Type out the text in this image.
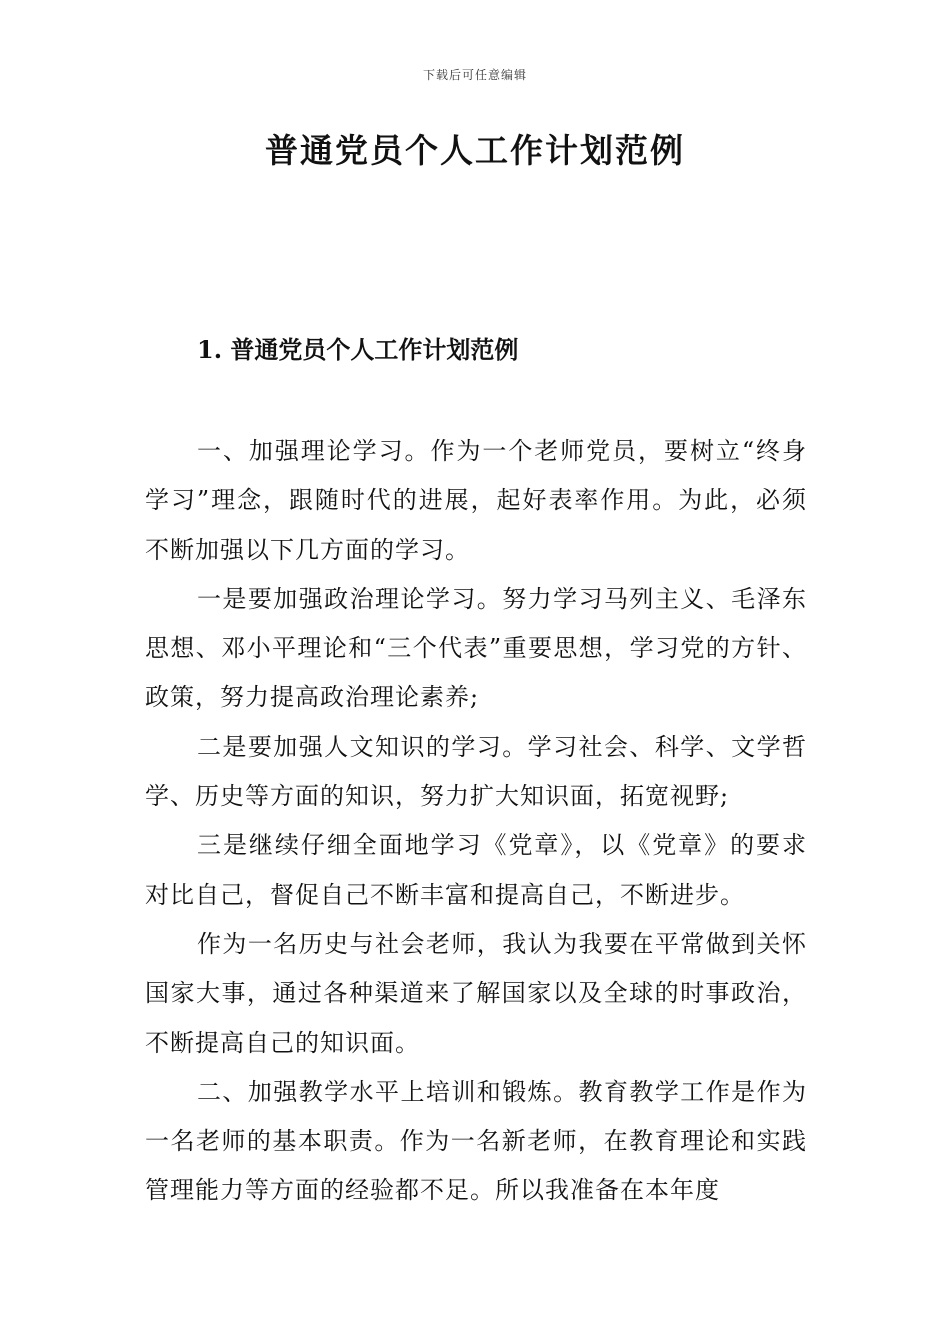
下载后可任意编辑
普通党员个人工作计划范例
1. 普通党员个人工作计划范例

一、加强理论学习。作为一个老师党员，要树立“终身学习”理念，跟随时代的进展，起好表率作用。为此，必须不断加强以下几方面的学习。

一是要加强政治理论学习。努力学习马列主义、毛泽东思想、邓小平理论和“三个代表”重要思想，学习党的方针、政策，努力提高政治理论素养;

二是要加强人文知识的学习。学习社会、科学、文学哲学、历史等方面的知识，努力扩大知识面，拓宽视野;

三是继续仔细全面地学习《党章》，以《党章》的要求对比自己，督促自己不断丰富和提高自己，不断进步。

作为一名历史与社会老师，我认为我要在平常做到关怀国家大事，通过各种渠道来了解国家以及全球的时事政治，不断提高自己的知识面。

二、加强教学水平上培训和锻炼。教育教学工作是作为一名老师的基本职责。作为一名新老师，在教育理论和实践管理能力等方面的经验都不足。所以我准备在本年度
